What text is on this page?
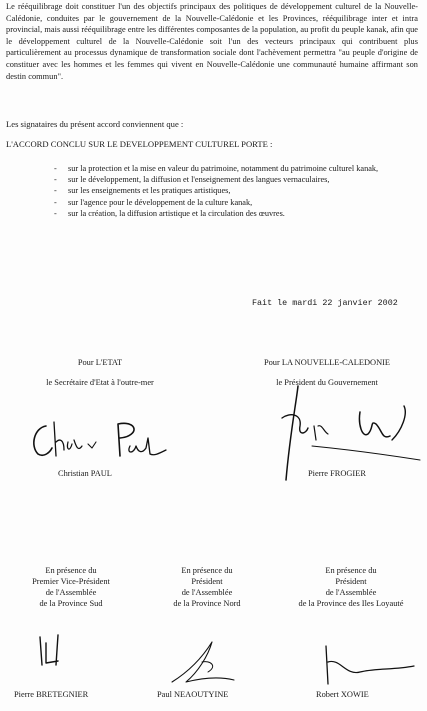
Le rééquilibrage doit constituer l'un des objectifs principaux des politiques de développement culturel de la Nouvelle-Calédonie, conduites par le gouvernement de la Nouvelle-Calédonie et les Provinces, rééquilibrage inter et intra provincial, mais aussi rééquilibrage entre les différentes composantes de la population, au profit du peuple kanak, afin que le développement culturel de la Nouvelle-Calédonie soit l'un des vecteurs principaux qui contribuent plus particulièrement au processus dynamique de transformation sociale dont l'achèvement permettra "au peuple d'origine de constituer avec les hommes et les femmes qui vivent en Nouvelle-Calédonie une communauté humaine affirmant son destin commun".

Les signataires du présent accord conviennent que :
L'ACCORD CONCLU SUR LE DEVELOPPEMENT CULTUREL PORTE :
- sur la protection et la mise en valeur du patrimoine, notamment du patrimoine culturel kanak,
- sur le développement, la diffusion et l'enseignement des langues vernaculaires,
- sur les enseignements et les pratiques artistiques,
- sur l'agence pour le développement de la culture kanak,
- sur la création, la diffusion artistique et la circulation des œuvres.
Fait le mardi 22 janvier 2002
Pour L'ETAT
le Secrétaire d'Etat à l'outre-mer
Pour LA NOUVELLE-CALEDONIE
le Président du Gouvernement
Christian PAUL	Pierre FROGIER
En présence du
Premier Vice-Président
de l'Assemblée
de la Province Sud
En présence du
Président
de l'Assemblée
de la Province Nord
En présence du
Président
de l'Assemblée
de la Province des Iles Loyauté
Pierre BRETEGNIER	Paul NEAOUTYINE	Robert XOWIE
